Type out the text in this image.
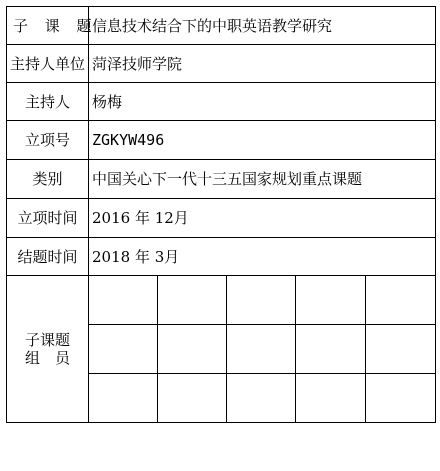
子 课 题	信息技术结合下的中职英语教学研究				
主持人单位	菏泽技师学院				
主持人	杨梅				
立项号	ZGKYW496				
类别	中国关心下一代十三五国家规划重点课题				
立项时间	2016 年 12月				
结题时间	2018 年 3月				

子课题
组　员					
